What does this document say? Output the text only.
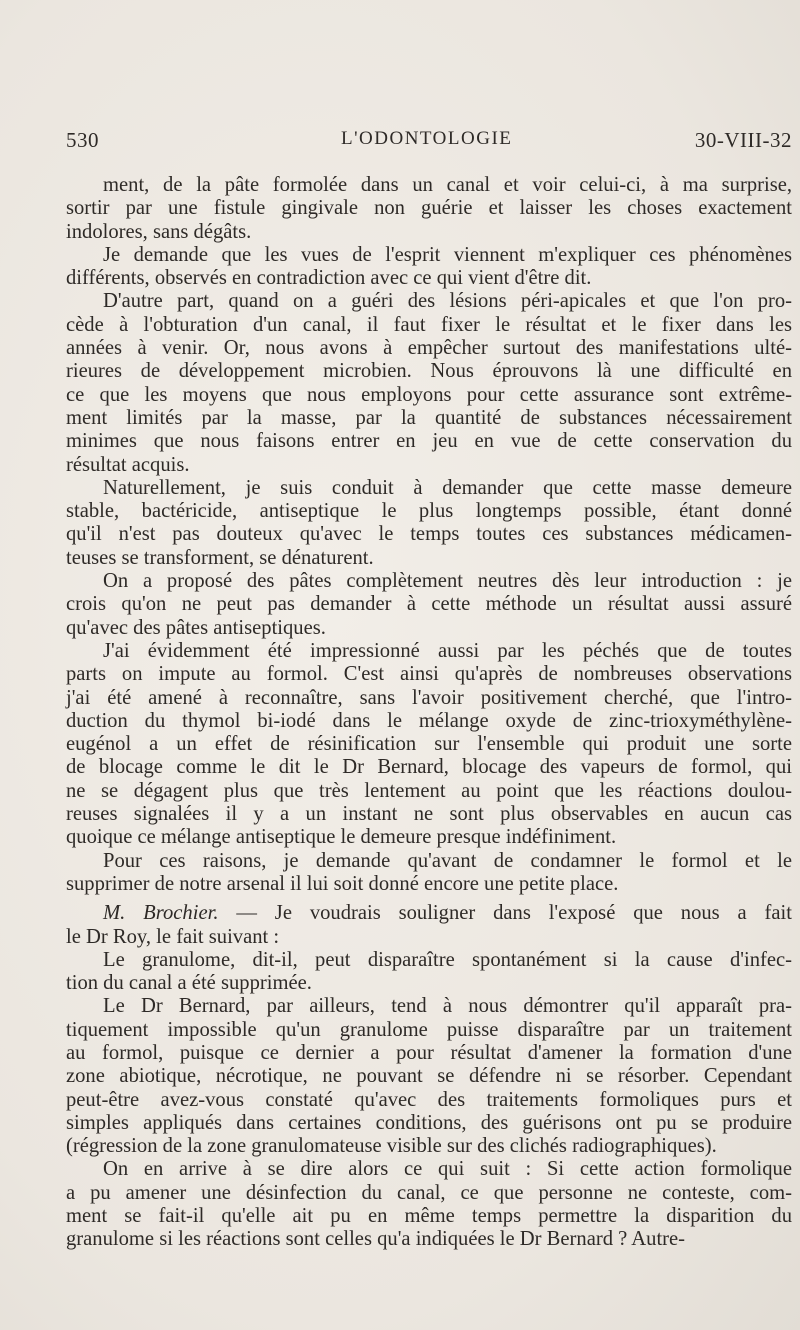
530	L'ODONTOLOGIE	30-VIII-32

ment, de la pâte formolée dans un canal et voir celui-ci, à ma surprise,
sortir par une fistule gingivale non guérie et laisser les choses exactement
indolores, sans dégâts.

Je demande que les vues de l'esprit viennent m'expliquer ces phénomènes
différents, observés en contradiction avec ce qui vient d'être dit.

D'autre part, quand on a guéri des lésions péri-apicales et que l'on pro-
cède à l'obturation d'un canal, il faut fixer le résultat et le fixer dans les
années à venir. Or, nous avons à empêcher surtout des manifestations ulté-
rieures de développement microbien. Nous éprouvons là une difficulté en
ce que les moyens que nous employons pour cette assurance sont extrême-
ment limités par la masse, par la quantité de substances nécessairement
minimes que nous faisons entrer en jeu en vue de cette conservation du
résultat acquis.

Naturellement, je suis conduit à demander que cette masse demeure
stable, bactéricide, antiseptique le plus longtemps possible, étant donné
qu'il n'est pas douteux qu'avec le temps toutes ces substances médicamen-
teuses se transforment, se dénaturent.

On a proposé des pâtes complètement neutres dès leur introduction : je
crois qu'on ne peut pas demander à cette méthode un résultat aussi assuré
qu'avec des pâtes antiseptiques.

J'ai évidemment été impressionné aussi par les péchés que de toutes
parts on impute au formol. C'est ainsi qu'après de nombreuses observations
j'ai été amené à reconnaître, sans l'avoir positivement cherché, que l'intro-
duction du thymol bi-iodé dans le mélange oxyde de zinc-trioxyméthylène-
eugénol a un effet de résinification sur l'ensemble qui produit une sorte
de blocage comme le dit le Dr Bernard, blocage des vapeurs de formol, qui
ne se dégagent plus que très lentement au point que les réactions doulou-
reuses signalées il y a un instant ne sont plus observables en aucun cas
quoique ce mélange antiseptique le demeure presque indéfiniment.

Pour ces raisons, je demande qu'avant de condamner le formol et le
supprimer de notre arsenal il lui soit donné encore une petite place.

M. Brochier. — Je voudrais souligner dans l'exposé que nous a fait
le Dr Roy, le fait suivant :

Le granulome, dit-il, peut disparaître spontanément si la cause d'infec-
tion du canal a été supprimée.

Le Dr Bernard, par ailleurs, tend à nous démontrer qu'il apparaît pra-
tiquement impossible qu'un granulome puisse disparaître par un traitement
au formol, puisque ce dernier a pour résultat d'amener la formation d'une
zone abiotique, nécrotique, ne pouvant se défendre ni se résorber. Cependant
peut-être avez-vous constaté qu'avec des traitements formoliques purs et
simples appliqués dans certaines conditions, des guérisons ont pu se produire
(régression de la zone granulomateuse visible sur des clichés radiographiques).

On en arrive à se dire alors ce qui suit : Si cette action formolique
a pu amener une désinfection du canal, ce que personne ne conteste, com-
ment se fait-il qu'elle ait pu en même temps permettre la disparition du
granulome si les réactions sont celles qu'a indiquées le Dr Bernard ? Autre-
